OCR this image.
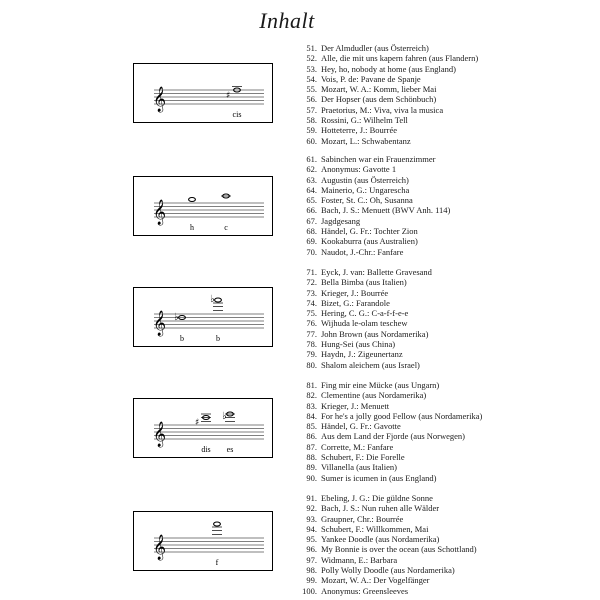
Inhalt
𝄞	♯
cis
51. Der Almdudler (aus Österreich)
52. Alle, die mit uns kapern fahren (aus Flandern)
53. Hey, ho, nobody at home (aus England)
54. Vois, P. de: Pavane de Spanje
55. Mozart, W. A.: Komm, lieber Mai
56. Der Hopser (aus dem Schönbuch)
57. Praetorius, M.: Viva, viva la musica
58. Rossini, G.: Wilhelm Tell
59. Hotteterre, J.: Bourrée
60. Mozart, L.: Schwabentanz
𝄞
h	c
61. Sabinchen war ein Frauenzimmer
62. Anonymus: Gavotte 1
63. Augustin (aus Österreich)
64. Mainerio, G.: Ungarescha
65. Foster, St. C.: Oh, Susanna
66. Bach, J. S.: Menuett (BWV Anh. 114)
67. Jagdgesang
68. Händel, G. Fr.: Tochter Zion
69. Kookaburra (aus Australien)
70. Naudot, J.-Chr.: Fanfare
𝄞 ♭
♭
b	b
71. Eyck, J. van: Ballette Gravesand
72. Bella Bimba (aus Italien)
73. Krieger, J.: Bourrée
74. Bizet, G.: Farandole
75. Hering, C. G.: C-a-f-f-e-e
76. Wijhuda le-olam teschew
77. John Brown (aus Nordamerika)
78. Hung-Sei (aus China)
79. Haydn, J.: Zigeunertanz
80. Shalom aleichem (aus Israel)
𝄞	♯
♭
dis es
81. Fing mir eine Mücke (aus Ungarn)
82. Clementine (aus Nordamerika)
83. Krieger, J.: Menuett
84. For he's a jolly good Fellow (aus Nordamerika)
85. Händel, G. Fr.: Gavotte
86. Aus dem Land der Fjorde (aus Norwegen)
87. Corrette, M.: Fanfare
88. Schubert, F.: Die Forelle
89. Villanella (aus Italien)
90. Sumer is icumen in (aus England)
𝄞
f
91. Ebeling, J. G.: Die güldne Sonne
92. Bach, J. S.: Nun ruhen alle Wälder
93. Graupner, Chr.: Bourrée
94. Schubert, F.: Willkommen, Mai
95. Yankee Doodle (aus Nordamerika)
96. My Bonnie is over the ocean (aus Schottland)
97. Widmann, E.: Barbara
98. Polly Wolly Doodle (aus Nordamerika)
99. Mozart, W. A.: Der Vogelfänger
100. Anonymus: Greensleeves
